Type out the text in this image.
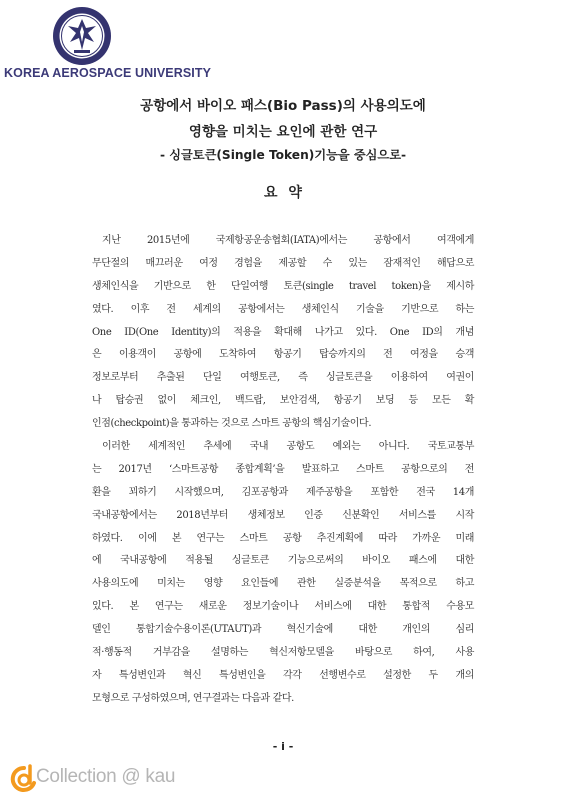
KOREA AEROSPACE UNIVERSITY
공항에서 바이오 패스(Bio Pass)의 사용의도에
영향을 미치는 요인에 관한 연구
- 싱글토큰(Single Token)기능을 중심으로-
요 약
지난 2015년에 국제항공운송협회(IATA)에서는 공항에서 여객에게
무단절의 매끄러운 여정 경험을 제공할 수 있는 잠재적인 해답으로
생체인식을 기반으로 한 단일여행 토큰(single travel token)을 제시하
였다. 이후 전 세계의 공항에서는 생체인식 기술을 기반으로 하는
One ID(One Identity)의 적용을 확대해 나가고 있다. One ID의 개념
은 이용객이 공항에 도착하여 항공기 탑승까지의 전 여정을 승객
정보로부터 추출된 단일 여행토큰, 즉 싱글토큰을 이용하여 여권이
나 탑승권 없이 체크인, 백드랍, 보안검색, 항공기 보딩 등 모든 확
인점(checkpoint)을 통과하는 것으로 스마트 공항의 핵심기술이다.
이러한 세계적인 추세에 국내 공항도 예외는 아니다. 국토교통부
는 2017년 ‘스마트공항 종합계획’을 발표하고 스마트 공항으로의 전
환을 꾀하기 시작했으며, 김포공항과 제주공항을 포함한 전국 14개
국내공항에서는 2018년부터 생체정보 인증 신분확인 서비스를 시작
하였다. 이에 본 연구는 스마트 공항 추진계획에 따라 가까운 미래
에 국내공항에 적용될 싱글토큰 기능으로써의 바이오 패스에 대한
사용의도에 미치는 영향 요인들에 관한 실증분석을 목적으로 하고
있다. 본 연구는 새로운 정보기술이나 서비스에 대한 통합적 수용모
델인 통합기술수용이론(UTAUT)과 혁신기술에 대한 개인의 심리
적·행동적 거부감을 설명하는 혁신저항모델을 바탕으로 하여, 사용
자 특성변인과 혁신 특성변인을 각각 선행변수로 설정한 두 개의
모형으로 구성하였으며, 연구결과는 다음과 같다.
- i -
Collection @ kau
